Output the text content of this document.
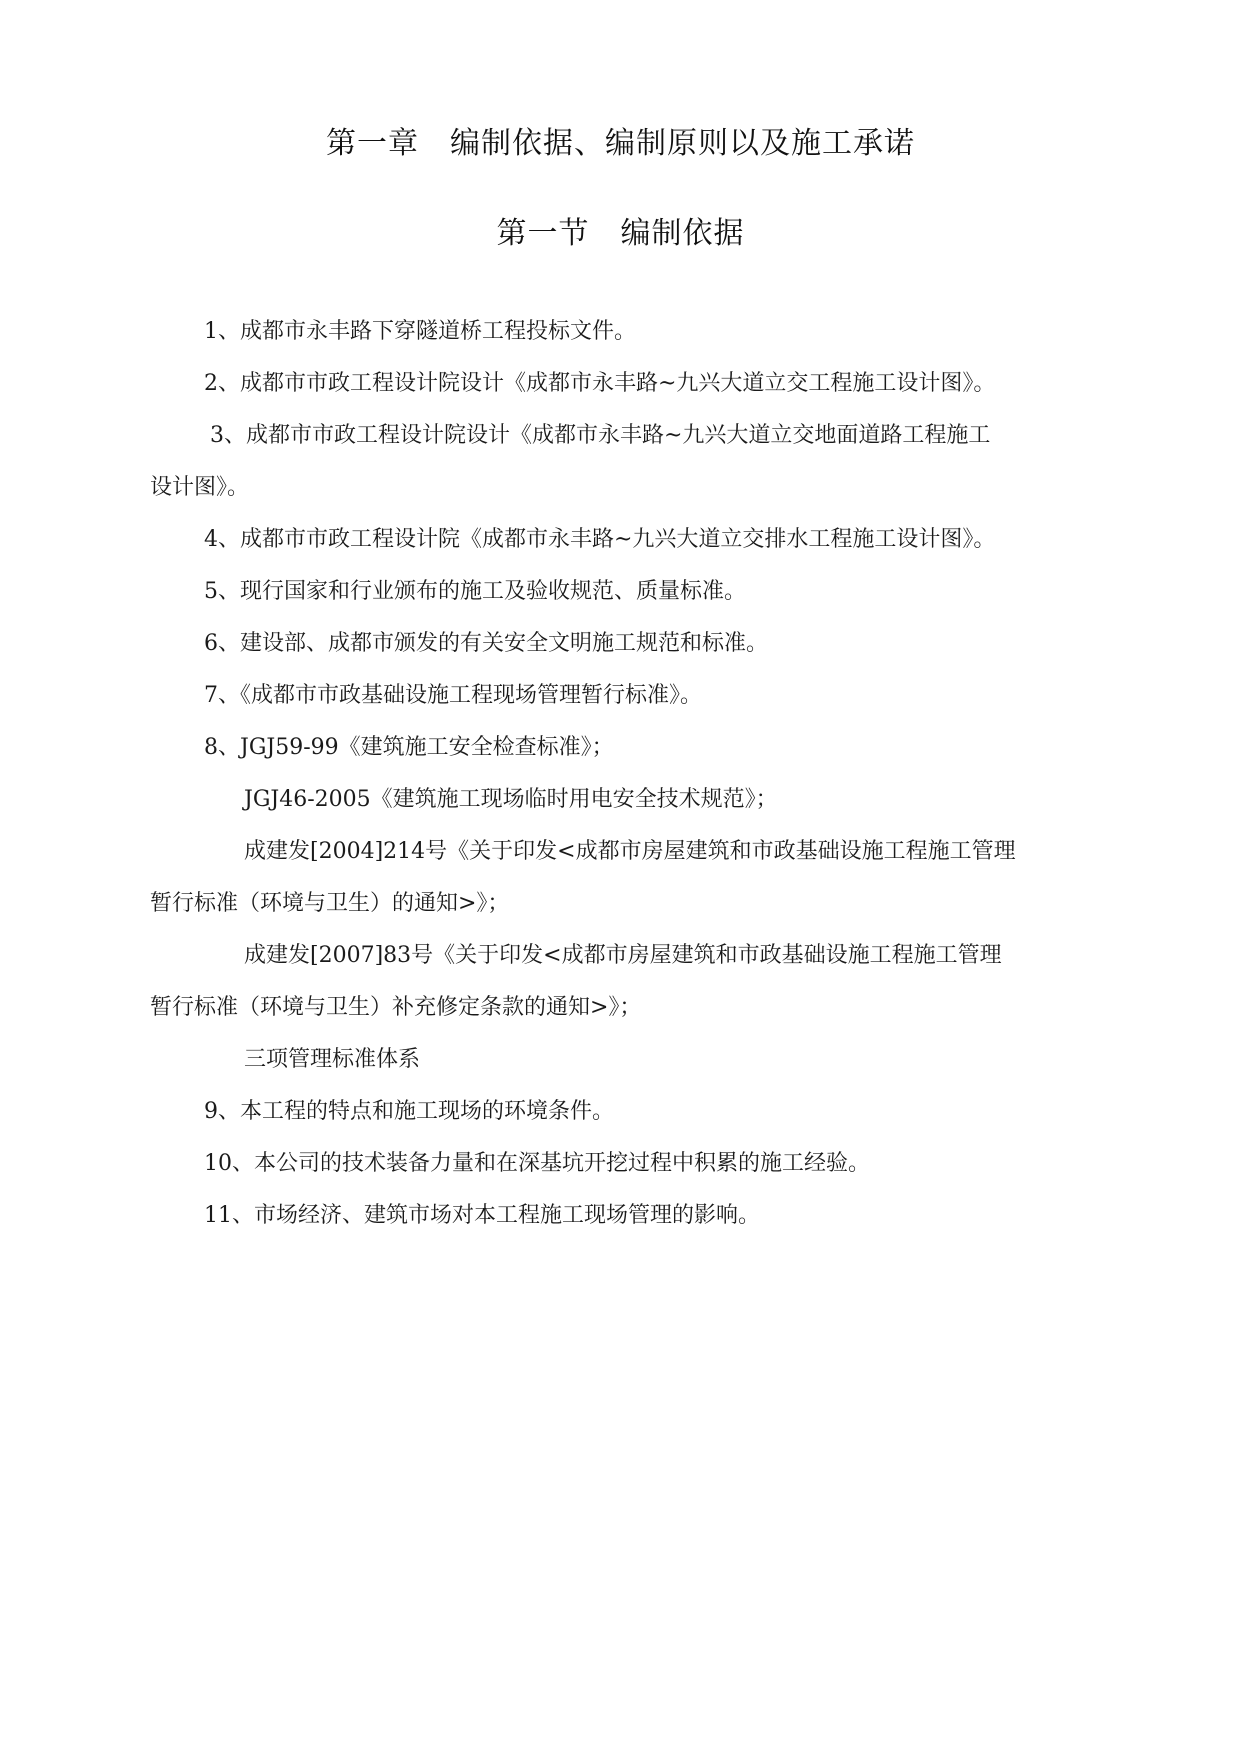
第一章　编制依据、编制原则以及施工承诺
第一节　编制依据
1、成都市永丰路下穿隧道桥工程投标文件。
2、成都市市政工程设计院设计《成都市永丰路~九兴大道立交工程施工设计图》。
3、成都市市政工程设计院设计《成都市永丰路~九兴大道立交地面道路工程施工
设计图》。
4、成都市市政工程设计院《成都市永丰路~九兴大道立交排水工程施工设计图》。
5、现行国家和行业颁布的施工及验收规范、质量标准。
6、建设部、成都市颁发的有关安全文明施工规范和标准。
7、《成都市市政基础设施工程现场管理暂行标准》。
8、JGJ59-99《建筑施工安全检查标准》；
JGJ46-2005《建筑施工现场临时用电安全技术规范》；
成建发[2004]214号《关于印发<成都市房屋建筑和市政基础设施工程施工管理
暂行标准（环境与卫生）的通知>》；
成建发[2007]83号《关于印发<成都市房屋建筑和市政基础设施工程施工管理
暂行标准（环境与卫生）补充修定条款的通知>》；
三项管理标准体系
9、本工程的特点和施工现场的环境条件。
10、本公司的技术装备力量和在深基坑开挖过程中积累的施工经验。
11、市场经济、建筑市场对本工程施工现场管理的影响。
